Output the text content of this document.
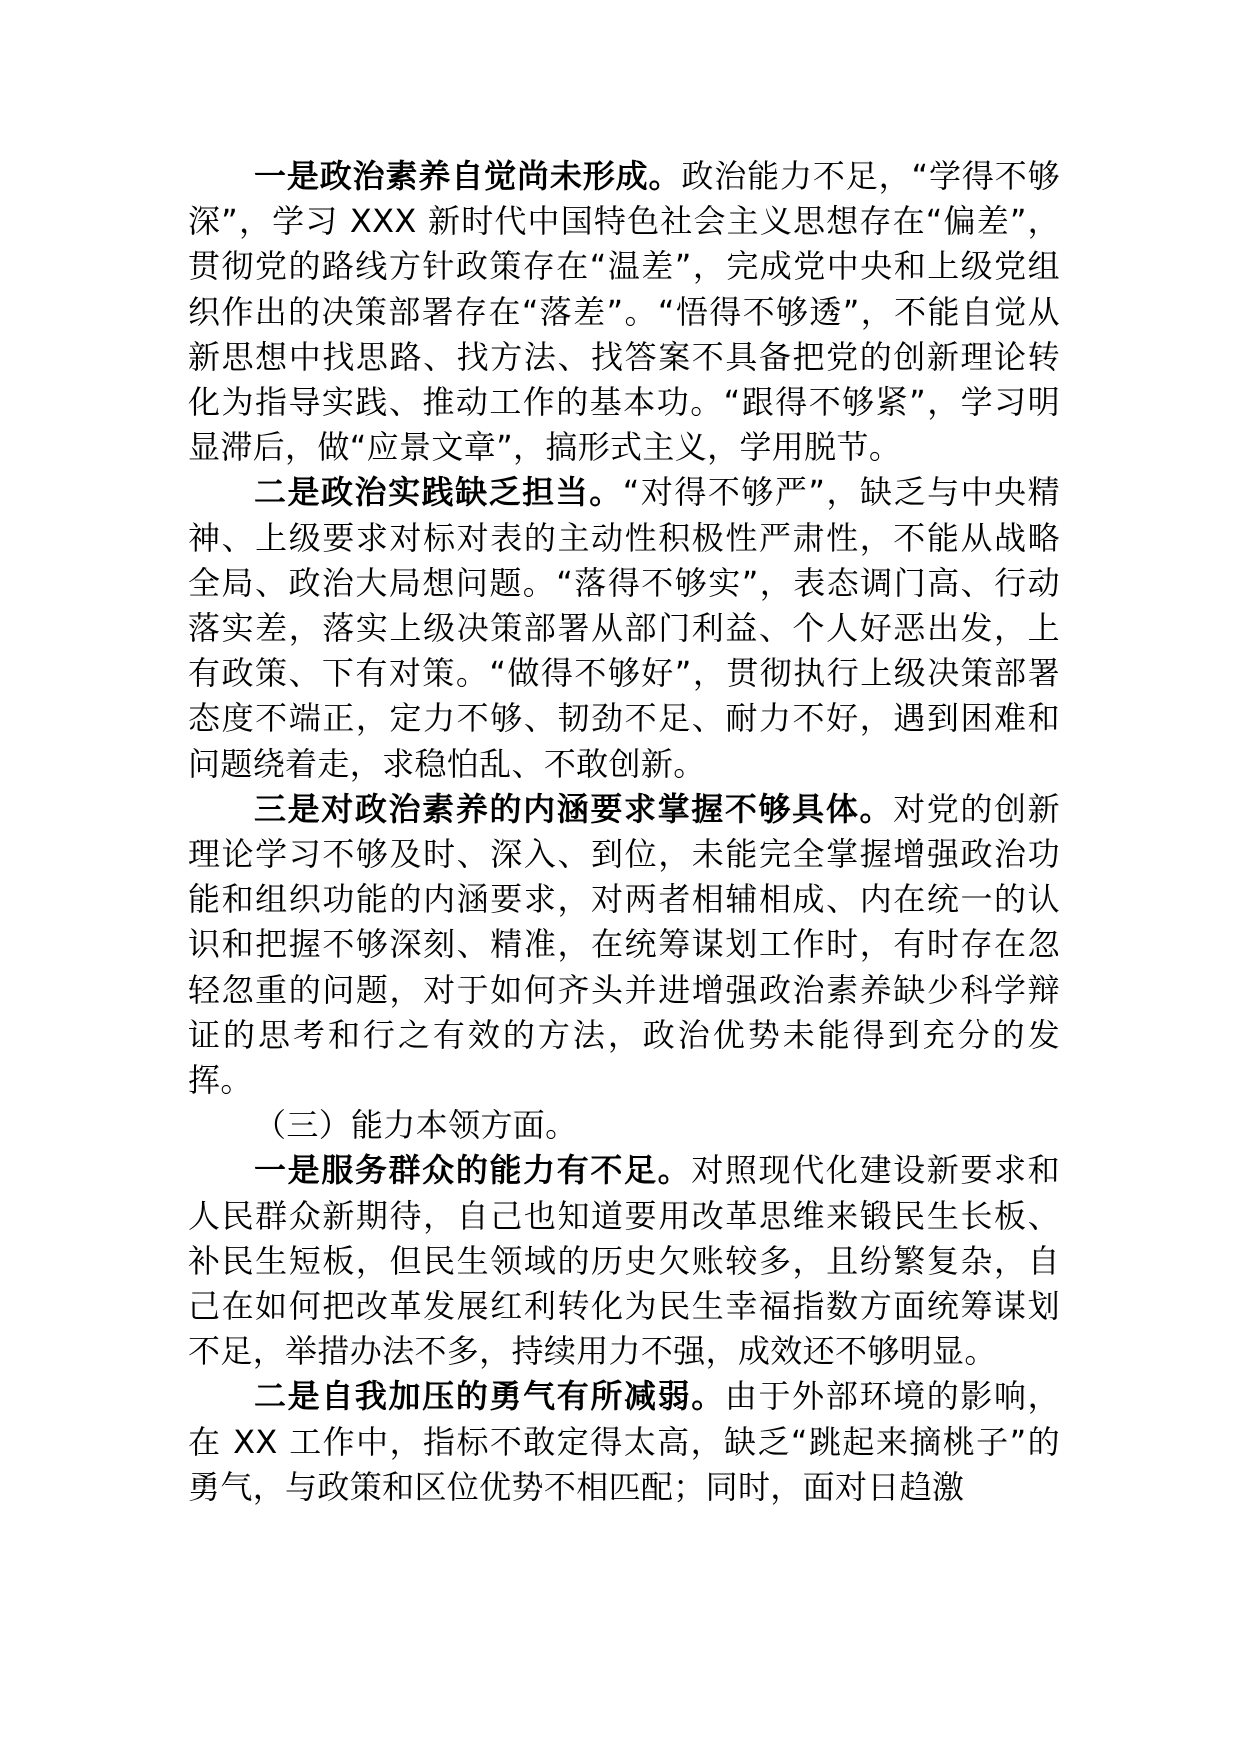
一是政治素养自觉尚未形成。政治能力不足，“学得不够深”，学习 XXX 新时代中国特色社会主义思想存在“偏差”，贯彻党的路线方针政策存在“温差”，完成党中央和上级党组织作出的决策部署存在“落差”。“悟得不够透”，不能自觉从新思想中找思路、找方法、找答案不具备把党的创新理论转化为指导实践、推动工作的基本功。“跟得不够紧”，学习明显滞后，做“应景文章”，搞形式主义，学用脱节。

二是政治实践缺乏担当。“对得不够严”，缺乏与中央精神、上级要求对标对表的主动性积极性严肃性，不能从战略全局、政治大局想问题。“落得不够实”，表态调门高、行动落实差，落实上级决策部署从部门利益、个人好恶出发，上有政策、下有对策。“做得不够好”，贯彻执行上级决策部署态度不端正，定力不够、韧劲不足、耐力不好，遇到困难和问题绕着走，求稳怕乱、不敢创新。

三是对政治素养的内涵要求掌握不够具体。对党的创新理论学习不够及时、深入、到位，未能完全掌握增强政治功能和组织功能的内涵要求，对两者相辅相成、内在统一的认识和把握不够深刻、精准，在统筹谋划工作时，有时存在忽轻忽重的问题，对于如何齐头并进增强政治素养缺少科学辩证的思考和行之有效的方法，政治优势未能得到充分的发挥。

（三）能力本领方面。

一是服务群众的能力有不足。对照现代化建设新要求和人民群众新期待，自己也知道要用改革思维来锻民生长板、补民生短板，但民生领域的历史欠账较多，且纷繁复杂，自己在如何把改革发展红利转化为民生幸福指数方面统筹谋划不足，举措办法不多，持续用力不强，成效还不够明显。

二是自我加压的勇气有所减弱。由于外部环境的影响，在 XX 工作中，指标不敢定得太高，缺乏“跳起来摘桃子”的勇气，与政策和区位优势不相匹配；同时，面对日趋激
